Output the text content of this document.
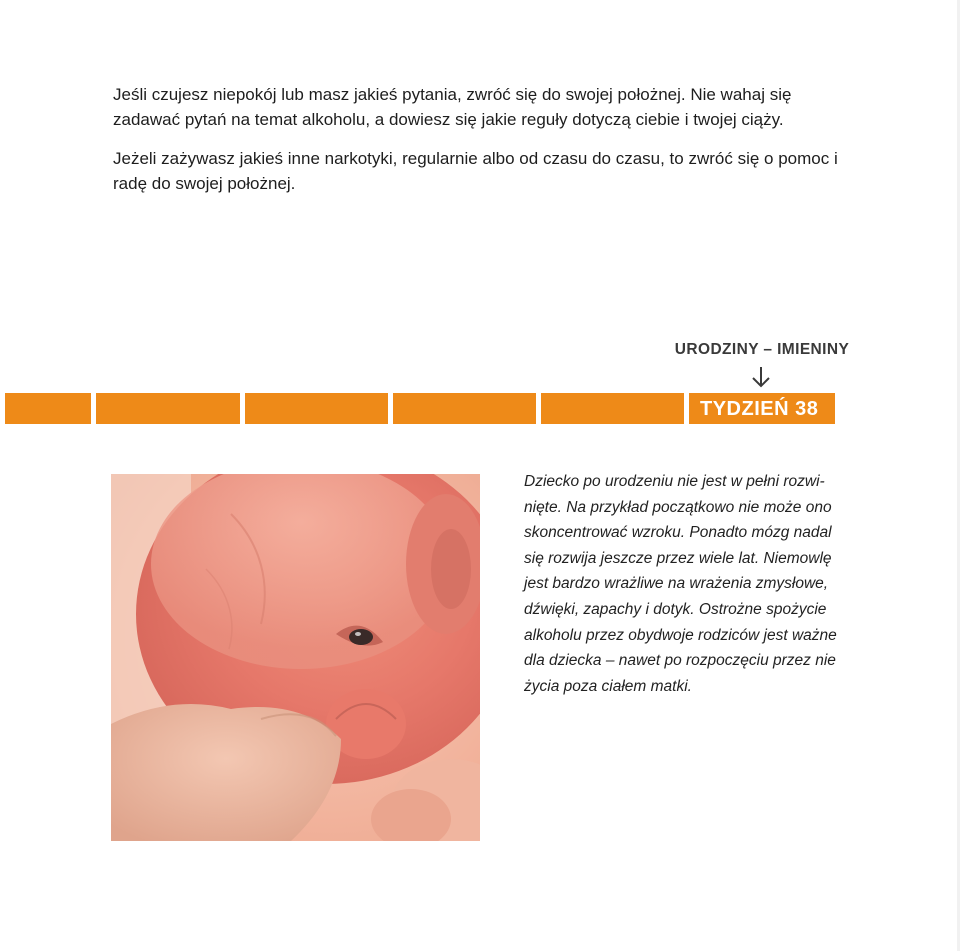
Jeśli czujesz niepokój lub masz jakieś pytania, zwróć się do swojej położnej. Nie wahaj się zadawać pytań na temat alkoholu, a dowiesz się jakie reguły dotyczą ciebie i twojej ciąży.

Jeżeli zażywasz jakieś inne narkotyki, regularnie albo od czasu do czasu, to zwróć się o pomoc i radę do swojej położnej.

URODZINY – IMIENINY
TYDZIEŃ 38

Dziecko po urodzeniu nie jest w pełni rozwi-

nięte. Na przykład początkowo nie może ono

skoncentrować wzroku. Ponadto mózg nadal

się rozwija jeszcze przez wiele lat. Niemowlę

jest bardzo wrażliwe na wrażenia zmysłowe,

dźwięki, zapachy i dotyk. Ostrożne spożycie

alkoholu przez obydwoje rodziców jest ważne

dla dziecka – nawet po rozpoczęciu przez nie

życia poza ciałem matki.
